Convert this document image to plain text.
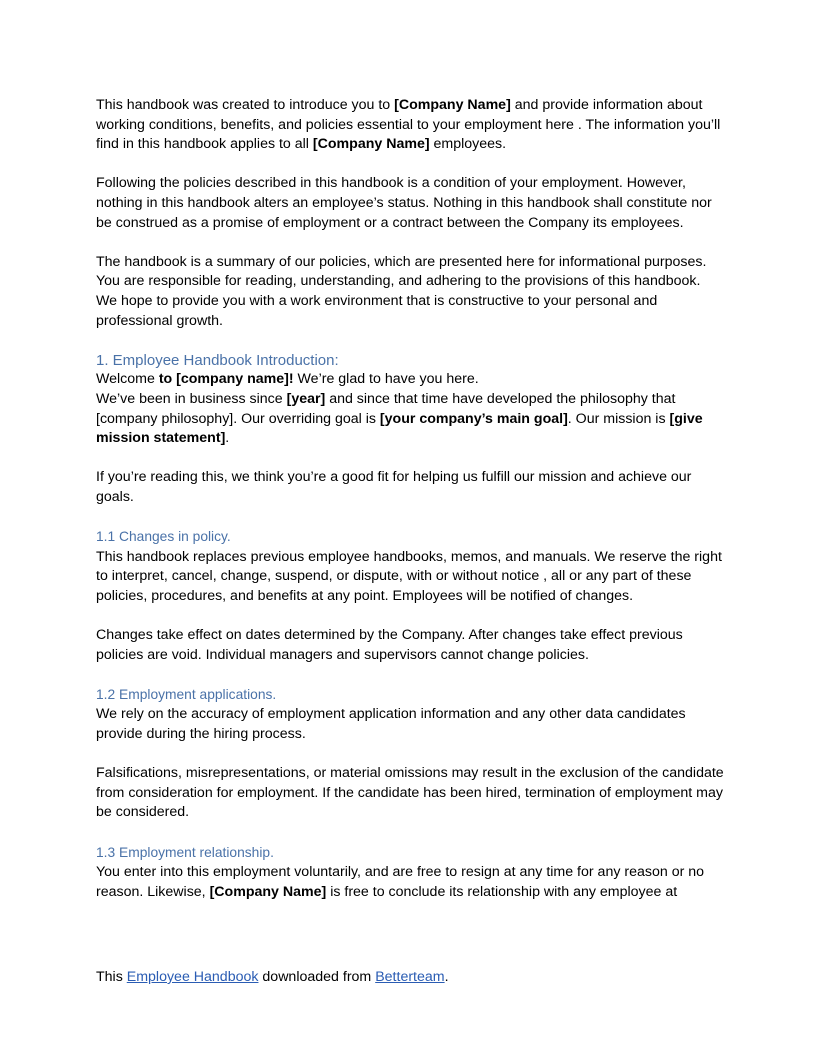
This handbook was created to introduce you to [Company Name] and provide information about working conditions, benefits, and policies essential to your employment here . The information you’ll find in this handbook applies to all [Company Name] employees.

Following the policies described in this handbook is a condition of your employment. However, nothing in this handbook alters an employee’s status. Nothing in this handbook shall constitute nor be construed as a promise of employment or a contract between the Company its employees.

The handbook is a summary of our policies, which are presented here for informational purposes. You are responsible for reading, understanding, and adhering to the provisions of this handbook. We hope to provide you with a work environment that is constructive to your personal and professional growth.

1. Employee Handbook Introduction:

Welcome to [company name]! We’re glad to have you here.

We’ve been in business since [year] and since that time have developed the philosophy that [company philosophy]. Our overriding goal is [your company’s main goal]. Our mission is [give mission statement].

If you’re reading this, we think you’re a good fit for helping us fulfill our mission and achieve our goals.

1.1 Changes in policy.

This handbook replaces previous employee handbooks, memos, and manuals. We reserve the right to interpret, cancel, change, suspend, or dispute, with or without notice , all or any part of these policies, procedures, and benefits at any point. Employees will be notified of changes.

Changes take effect on dates determined by the Company. After changes take effect previous policies are void. Individual managers and supervisors cannot change policies.

1.2 Employment applications.

We rely on the accuracy of employment application information and any other data candidates provide during the hiring process.

Falsifications, misrepresentations, or material omissions may result in the exclusion of the candidate from consideration for employment. If the candidate has been hired, termination of employment may be considered.

1.3 Employment relationship.

You enter into this employment voluntarily, and are free to resign at any time for any reason or no reason. Likewise, [Company Name] is free to conclude its relationship with any employee at

This Employee Handbook downloaded from Betterteam.
